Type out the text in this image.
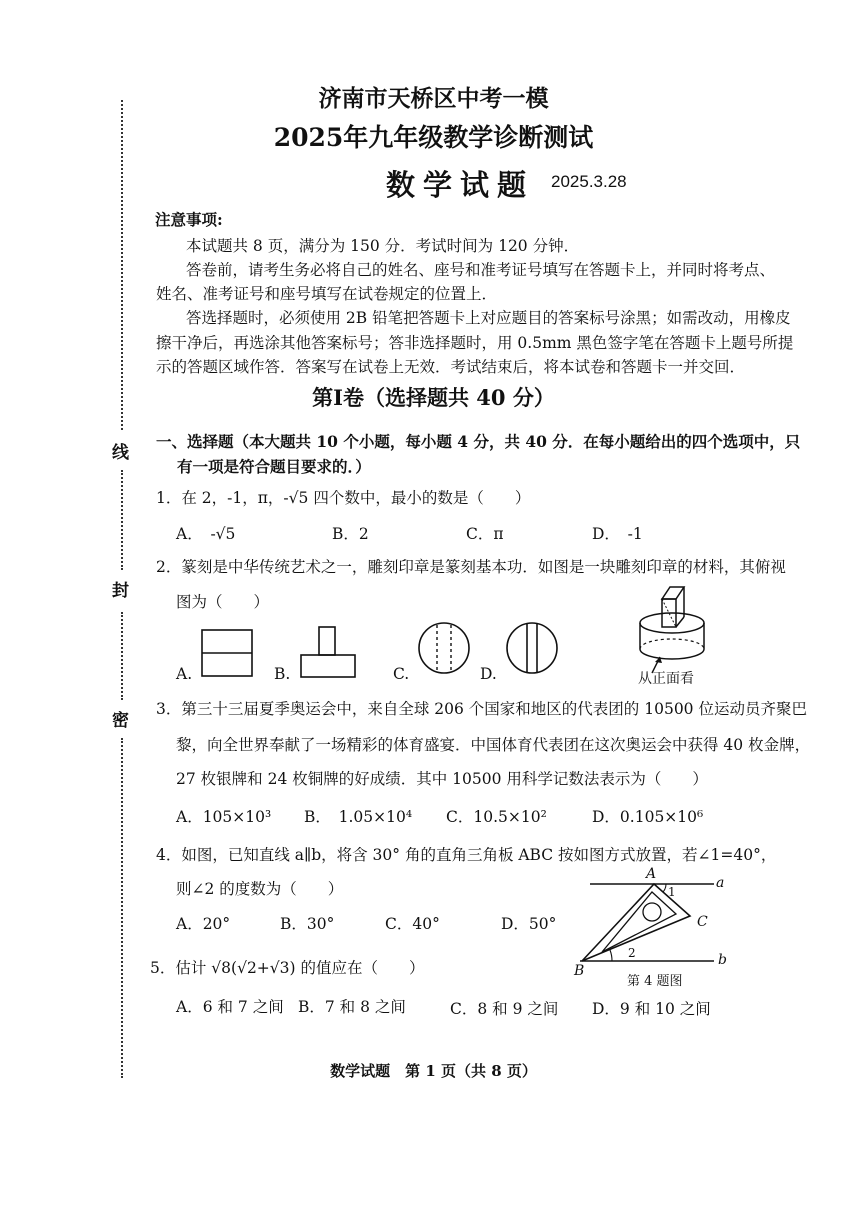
线
封
密
济南市天桥区中考一模
2025年九年级教学诊断测试
数学试题 2025.3.28
注意事项:
本试题共 8 页，满分为 150 分．考试时间为 120 分钟．
答卷前，请考生务必将自己的姓名、座号和准考证号填写在答题卡上，并同时将考点、
姓名、准考证号和座号填写在试卷规定的位置上．
答选择题时，必须使用 2B 铅笔把答题卡上对应题目的答案标号涂黑；如需改动，用橡皮
擦干净后，再选涂其他答案标号；答非选择题时，用 0.5mm 黑色签字笔在答题卡上题号所提
示的答题区域作答．答案写在试卷上无效．考试结束后，将本试卷和答题卡一并交回．
第Ⅰ卷（选择题共 40 分）
一、选择题（本大题共 10 个小题，每小题 4 分，共 40 分．在每小题给出的四个选项中，只
有一项是符合题目要求的．）
1．在 2，-1，π，-√5 四个数中，最小的数是（　　）
A．　-√5	B．2	C．π	D．　-1
2．篆刻是中华传统艺术之一，雕刻印章是篆刻基本功．如图是一块雕刻印章的材料，其俯视
图为（　　）
A.	B.	C.	D.	从正面看
3．第三十三届夏季奥运会中，来自全球 206 个国家和地区的代表团的 10500 位运动员齐聚巴
黎，向全世界奉献了一场精彩的体育盛宴．中国体育代表团在这次奥运会中获得 40 枚金牌，
27 枚银牌和 24 枚铜牌的好成绩．其中 10500 用科学记数法表示为（　　）
A．105×10³ B．　1.05×10⁴ C．10.5×10²	D．0.105×10⁶
4．如图，已知直线 a∥b，将含 30° 角的直角三角板 ABC 按如图方式放置，若∠1=40°，
则∠2 的度数为（　　）
A．20°	B．30°	C．40°	D．50°
A
a
1
C
2	b
B
第 4 题图
5．估计 √8(√2+√3) 的值应在（　　）
A．6 和 7 之间 B．7 和 8 之间	C．8 和 9 之间 D．9 和 10 之间
数学试题　第 1 页（共 8 页）
